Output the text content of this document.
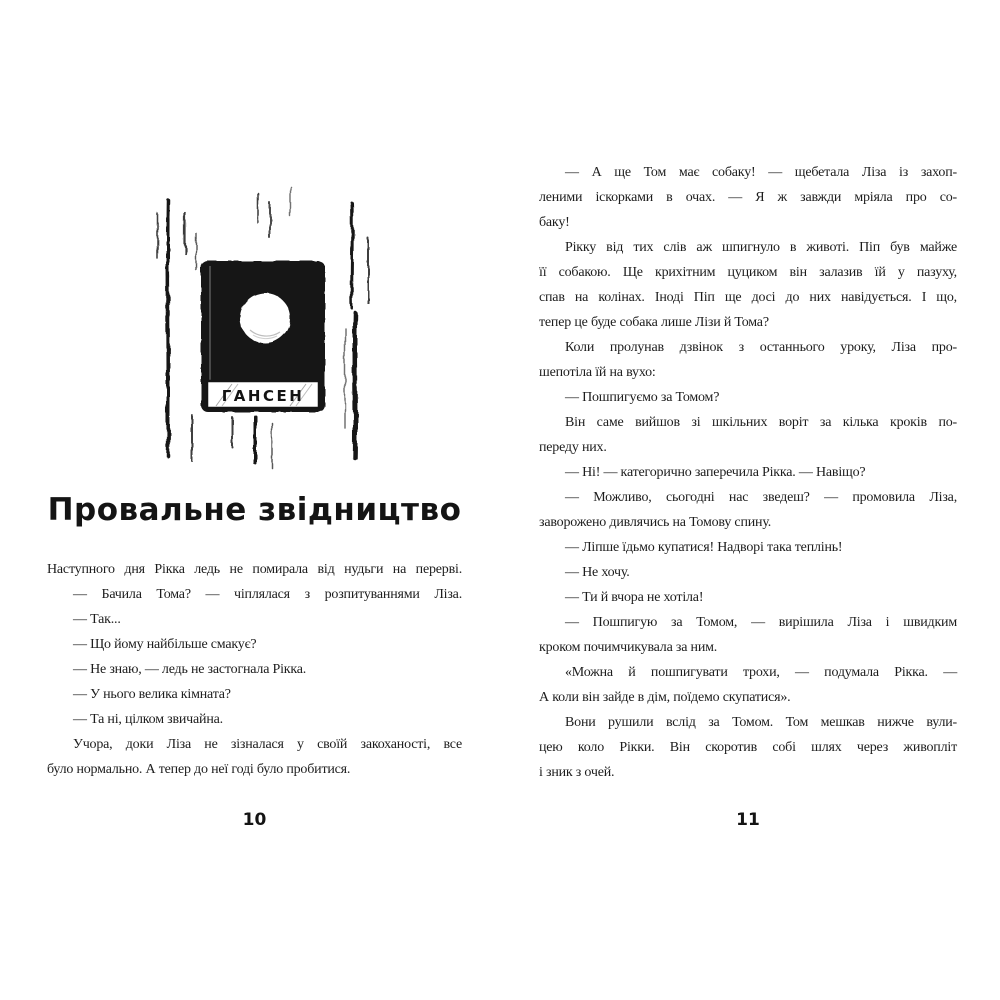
ГАНСЕН
Провальне звідництво
Наступного дня Рікка ледь не помирала від нудьги на перерві.
— Бачила Тома? — чіплялася з розпитуваннями Ліза.
— Так...
— Що йому найбільше смакує?
— Не знаю, — ледь не застогнала Рікка.
— У нього велика кімната?
— Та ні, цілком звичайна.
Учора, доки Ліза не зізналася у своїй закоханості, все
було нормально. А тепер до неї годі було пробитися.
10
— А ще Том має собаку! — щебетала Ліза із захоп-
леними іскорками в очах. — Я ж завжди мріяла про со-
баку!
Рікку від тих слів аж шпигнуло в животі. Піп був майже
її собакою. Ще крихітним цуциком він залазив їй у пазуху,
спав на колінах. Іноді Піп ще досі до них навідується. І що,
тепер це буде собака лише Лізи й Тома?
Коли пролунав дзвінок з останнього уроку, Ліза про-
шепотіла їй на вухо:
— Пошпигуємо за Томом?
Він саме вийшов зі шкільних воріт за кілька кроків по-
переду них.
— Ні! — категорично заперечила Рікка. — Навіщо?
— Можливо, сьогодні нас зведеш? — промовила Ліза,
заворожено дивлячись на Томову спину.
— Ліпше їдьмо купатися! Надворі така теплінь!
— Не хочу.
— Ти й вчора не хотіла!
— Пошпигую за Томом, — вирішила Ліза і швидким
кроком почимчикувала за ним.
«Можна й пошпигувати трохи, — подумала Рікка. —
А коли він зайде в дім, поїдемо скупатися».
Вони рушили вслід за Томом. Том мешкав нижче вули-
цею коло Рікки. Він скоротив собі шлях через живопліт
і зник з очей.
11
